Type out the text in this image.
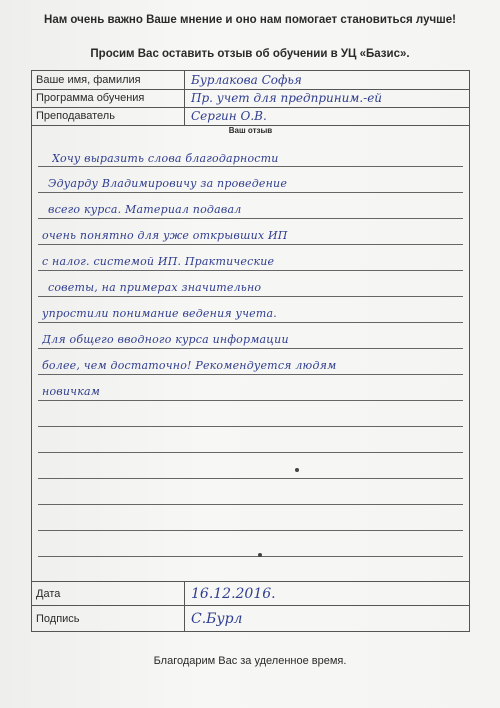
Нам очень важно Ваше мнение и оно нам помогает становиться лучше!
Просим Вас оставить отзыв об обучении в УЦ «Базис».
Ваше имя, фамилия	Бурлакова Софья
Программа обучения	Пр. учет для предприним.-ей
Преподаватель	Сергин О.В.
Ваш отзыв
Хочу выразить слова благодарности
Эдуарду Владимировичу за проведение
всего курса. Материал подавал
очень понятно для уже открывших ИП
с налог. системой ИП. Практические
советы, на примерах значительно
упростили понимание ведения учета.
Для общего вводного курса информации
более, чем достаточно! Рекомендуется людям
новичкам
Дата	16.12.2016.
Подпись	С.Бурл
Благодарим Вас за уделенное время.
